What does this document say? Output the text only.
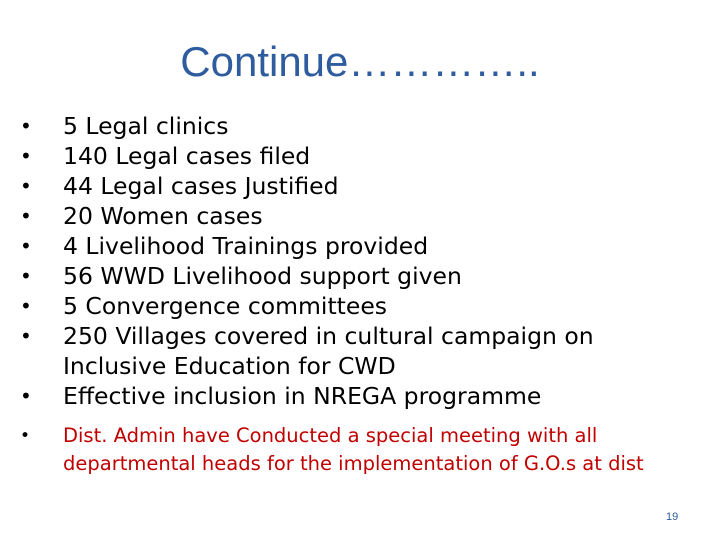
Continue…………..
• 5 Legal clinics
• 140 Legal cases filed
• 44 Legal cases Justified
• 20 Women cases
• 4 Livelihood Trainings provided
• 56 WWD Livelihood support given
• 5 Convergence committees
• 250 Villages covered in cultural campaign on
Inclusive Education for CWD
• Effective inclusion in NREGA programme
•	Dist. Admin have Conducted a special meeting with all
departmental heads for the implementation of G.O.s at dist
19
